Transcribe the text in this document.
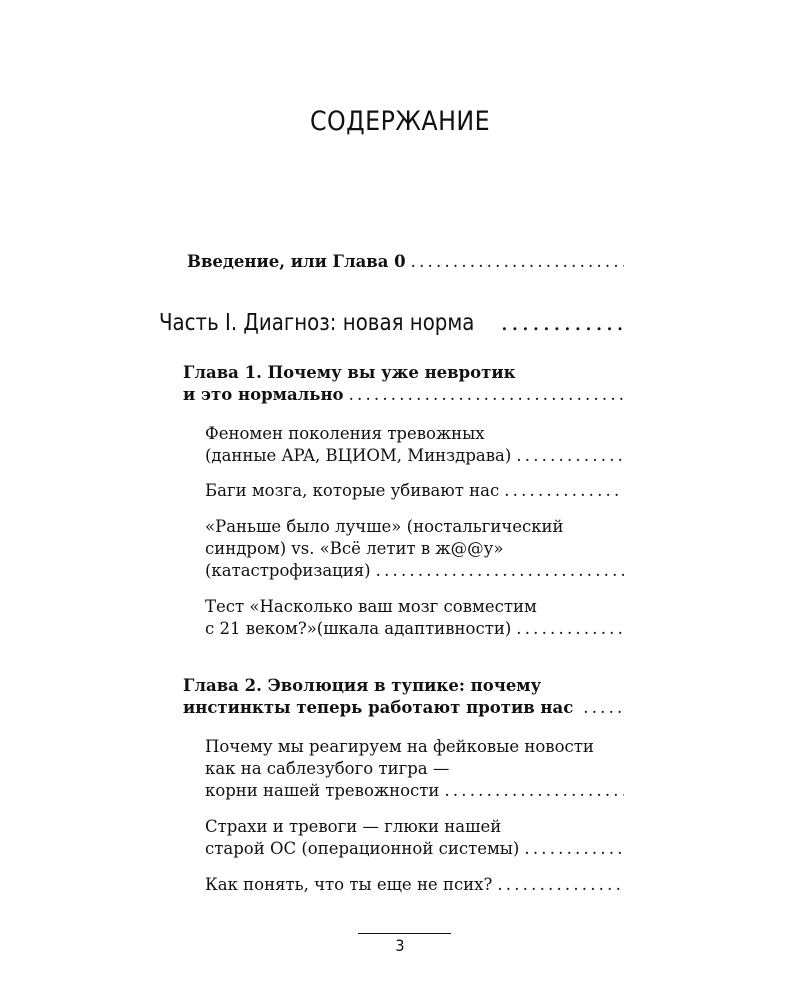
СОДЕРЖАНИЕ
Введение, или Глава 0
.....
Часть I. Диагноз: новая норма
.....
Глава 1. Почему вы уже невротик
и это нормально
.....
Феномен поколения тревожных
(данные APA, ВЦИОМ, Минздрава)
.....
Баги мозга, которые убивают нас
.....
«Раньше было лучше» (ностальгический
синдром) vs. «Всё летит в ж@@у»
(катастрофизация)
.....
Тест «Насколько ваш мозг совместим
с 21 веком?»(шкала адаптивности)
.....
Глава 2. Эволюция в тупике: почему
инстинкты теперь работают против нас
.....
Почему мы реагируем на фейковые новости
как на саблезубого тигра —
корни нашей тревожности
.....
Страхи и тревоги — глюки нашей
старой ОС (операционной системы)
.....
Как понять, что ты еще не псих?
.....
3
